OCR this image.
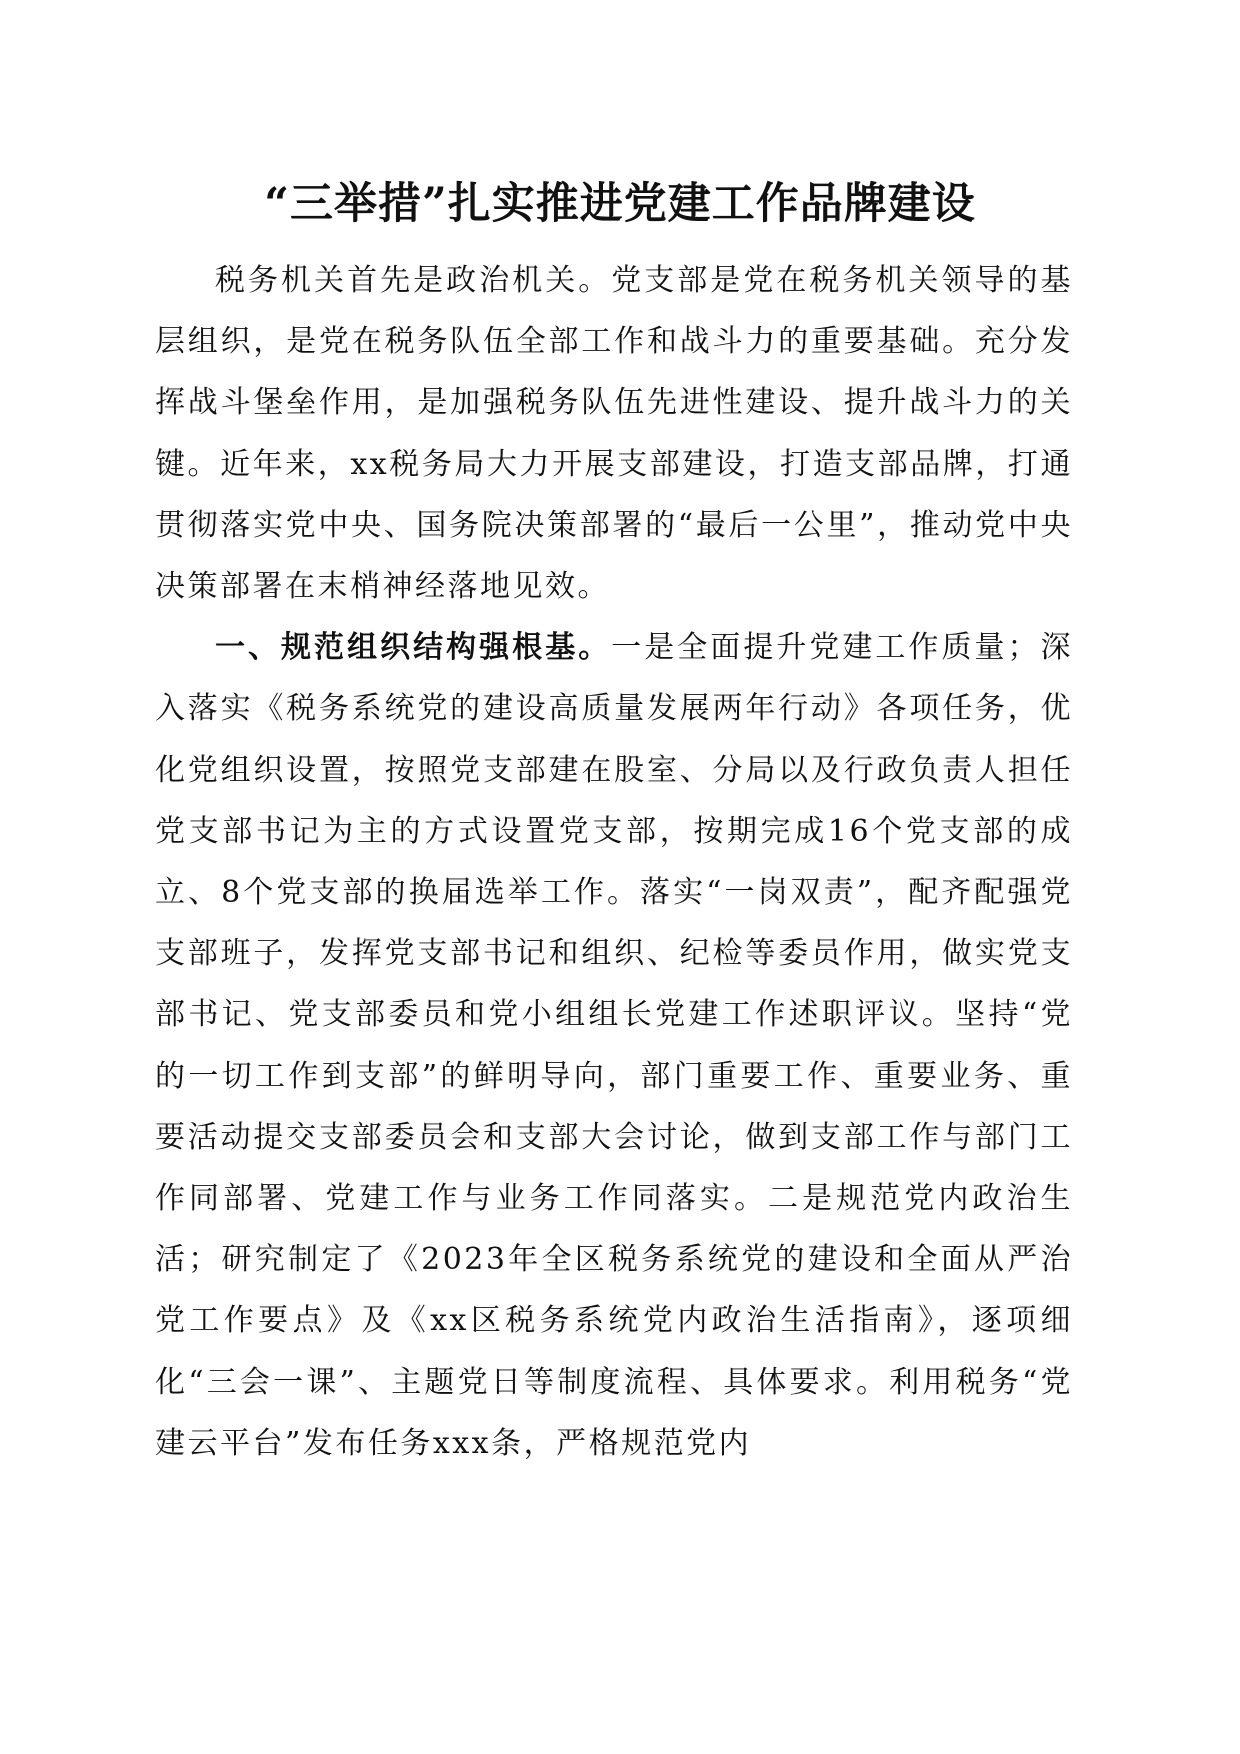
“三举措”扎实推进党建工作品牌建设

税务机关首先是政治机关。党支部是党在税务机关领导的基层组织，是党在税务队伍全部工作和战斗力的重要基础。充分发挥战斗堡垒作用，是加强税务队伍先进性建设、提升战斗力的关键。近年来，xx税务局大力开展支部建设，打造支部品牌，打通贯彻落实党中央、国务院决策部署的“最后一公里”，推动党中央决策部署在末梢神经落地见效。

一、规范组织结构强根基。一是全面提升党建工作质量；深入落实《税务系统党的建设高质量发展两年行动》各项任务，优化党组织设置，按照党支部建在股室、分局以及行政负责人担任党支部书记为主的方式设置党支部，按期完成16个党支部的成立、8个党支部的换届选举工作。落实“一岗双责”，配齐配强党支部班子，发挥党支部书记和组织、纪检等委员作用，做实党支部书记、党支部委员和党小组组长党建工作述职评议。坚持“党的一切工作到支部”的鲜明导向，部门重要工作、重要业务、重要活动提交支部委员会和支部大会讨论，做到支部工作与部门工作同部署、党建工作与业务工作同落实。二是规范党内政治生活；研究制定了《2023年全区税务系统党的建设和全面从严治党工作要点》及《xx区税务系统党内政治生活指南》，逐项细化“三会一课”、主题党日等制度流程、具体要求。利用税务“党建云平台”发布任务xxx条，严格规范党内
